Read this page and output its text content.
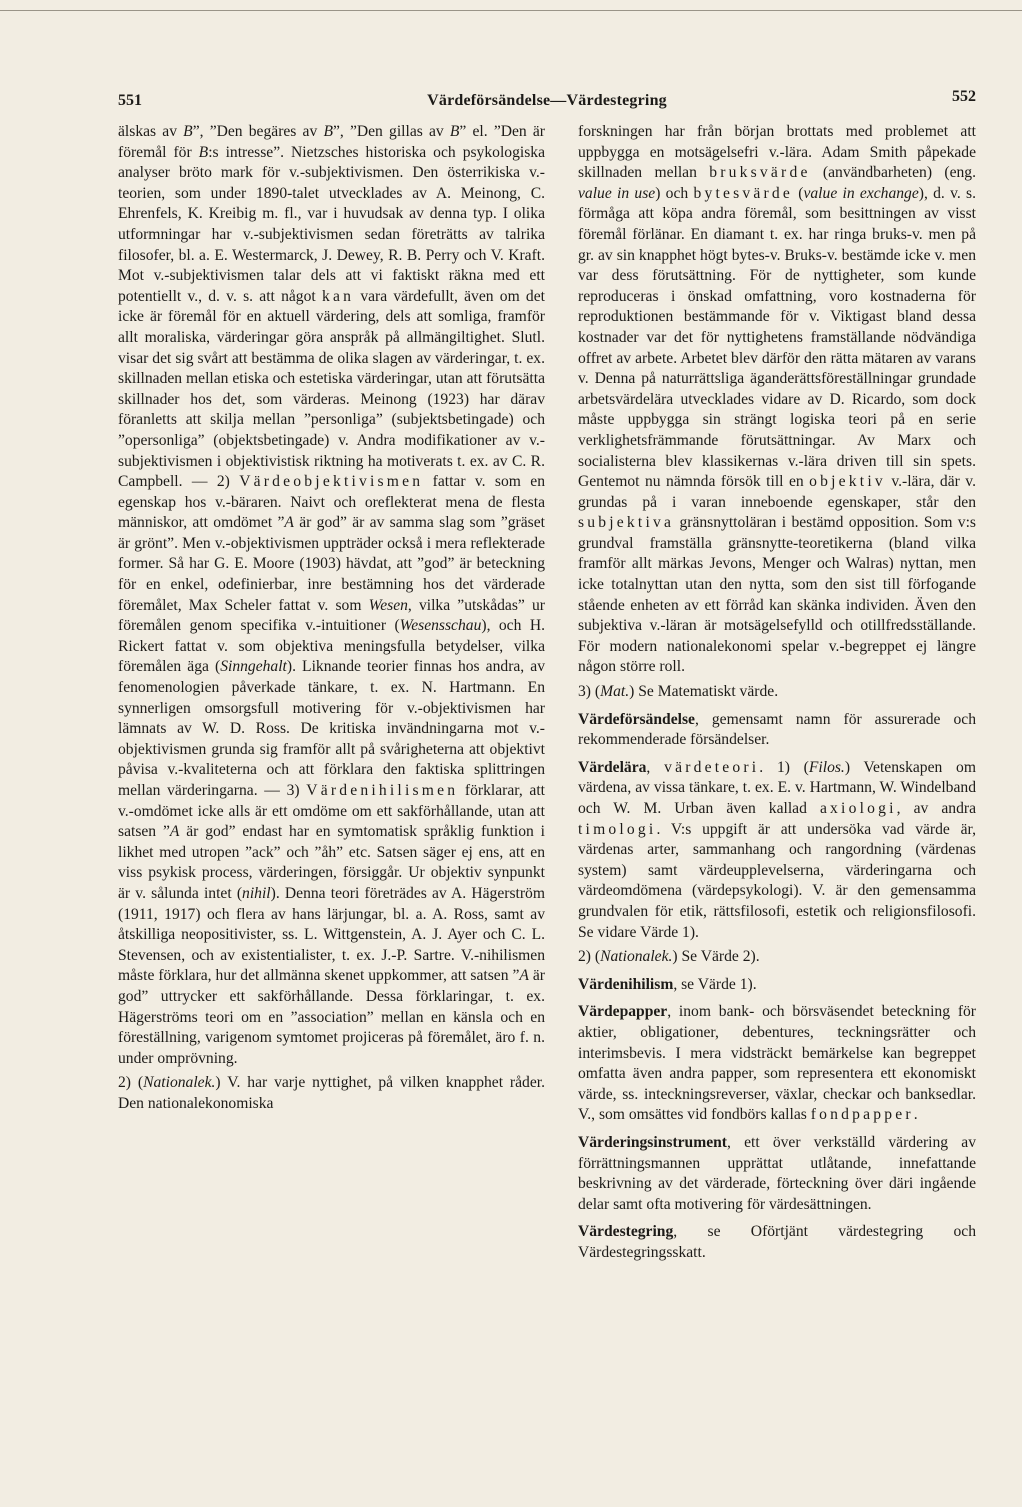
551	Värdeförsändelse—Värdestegring	552

älskas av B”, ”Den begäres av B”, ”Den gillas av B” el. ”Den är föremål för B:s intresse”. Nietzsches historiska och psykologiska analyser bröto mark för v.-subjektivismen. Den österrikiska v.-teorien, som under 1890-talet utvecklades av A. Meinong, C. Ehrenfels, K. Kreibig m. fl., var i huvudsak av denna typ. I olika utformningar har v.-subjektivismen sedan företrätts av talrika filosofer, bl. a. E. Westermarck, J. Dewey, R. B. Perry och V. Kraft. Mot v.-subjektivismen talar dels att vi faktiskt räkna med ett potentiellt v., d. v. s. att något kan vara värdefullt, även om det icke är föremål för en aktuell värdering, dels att somliga, framför allt moraliska, värderingar göra anspråk på allmängiltighet. Slutl. visar det sig svårt att bestämma de olika slagen av värderingar, t. ex. skillnaden mellan etiska och estetiska värderingar, utan att förutsätta skillnader hos det, som värderas. Meinong (1923) har därav föranletts att skilja mellan ”personliga” (subjektsbetingade) och ”opersonliga” (objektsbetingade) v. Andra modifikationer av v.-subjektivismen i objektivistisk riktning ha motiverats t. ex. av C. R. Campbell. — 2) Värdeobjektivismen fattar v. som en egenskap hos v.-bäraren. Naivt och oreflekterat mena de flesta människor, att omdömet ”A är god” är av samma slag som ”gräset är grönt”. Men v.-objektivismen uppträder också i mera reflekterade former. Så har G. E. Moore (1903) hävdat, att ”god” är beteckning för en enkel, odefinierbar, inre bestämning hos det värderade föremålet, Max Scheler fattat v. som Wesen, vilka ”utskådas” ur föremålen genom specifika v.-intuitioner (Wesensschau), och H. Rickert fattat v. som objektiva meningsfulla betydelser, vilka föremålen äga (Sinngehalt). Liknande teorier finnas hos andra, av fenomenologien påverkade tänkare, t. ex. N. Hartmann. En synnerligen omsorgsfull motivering för v.-objektivismen har lämnats av W. D. Ross. De kritiska invändningarna mot v.-objektivismen grunda sig framför allt på svårigheterna att objektivt påvisa v.-kvaliteterna och att förklara den faktiska splittringen mellan värderingarna. — 3) Värdenihilismen förklarar, att v.-omdömet icke alls är ett omdöme om ett sakförhållande, utan att satsen ”A är god” endast har en symtomatisk språklig funktion i likhet med utropen ”ack” och ”åh” etc. Satsen säger ej ens, att en viss psykisk process, värderingen, försiggår. Ur objektiv synpunkt är v. sålunda intet (nihil). Denna teori företrädes av A. Hägerström (1911, 1917) och flera av hans lärjungar, bl. a. A. Ross, samt av åtskilliga neopositivister, ss. L. Wittgenstein, A. J. Ayer och C. L. Stevensen, och av existentialister, t. ex. J.-P. Sartre. V.-nihilismen måste förklara, hur det allmänna skenet uppkommer, att satsen ”A är god” uttrycker ett sakförhållande. Dessa förklaringar, t. ex. Hägerströms teori om en ”association” mellan en känsla och en föreställning, varigenom symtomet projiceras på föremålet, äro f. n. under omprövning.

2) (Nationalek.) V. har varje nyttighet, på vilken knapphet råder. Den nationalekonomiska

forskningen har från början brottats med problemet att uppbygga en motsägelsefri v.-lära. Adam Smith påpekade skillnaden mellan bruksvärde (användbarheten) (eng. value in use) och bytesvärde (value in exchange), d. v. s. förmåga att köpa andra föremål, som besittningen av visst föremål förlänar. En diamant t. ex. har ringa bruks-v. men på gr. av sin knapphet högt bytes-v. Bruks-v. bestämde icke v. men var dess förutsättning. För de nyttigheter, som kunde reproduceras i önskad omfattning, voro kostnaderna för reproduktionen bestämmande för v. Viktigast bland dessa kostnader var det för nyttighetens framställande nödvändiga offret av arbete. Arbetet blev därför den rätta mätaren av varans v. Denna på naturrättsliga äganderättsföreställningar grundade arbetsvärdelära utvecklades vidare av D. Ricardo, som dock måste uppbygga sin strängt logiska teori på en serie verklighetsfrämmande förutsättningar. Av Marx och socialisterna blev klassikernas v.-lära driven till sin spets. Gentemot nu nämnda försök till en objektiv v.-lära, där v. grundas på i varan inneboende egenskaper, står den subjektiva gränsnyttoläran i bestämd opposition. Som v:s grundval framställa gränsnytte-teoretikerna (bland vilka framför allt märkas Jevons, Menger och Walras) nyttan, men icke totalnyttan utan den nytta, som den sist till förfogande stående enheten av ett förråd kan skänka individen. Även den subjektiva v.-läran är motsägelsefylld och otillfredsställande. För modern nationalekonomi spelar v.-begreppet ej längre någon större roll.

3) (Mat.) Se Matematiskt värde.

Värdeförsändelse, gemensamt namn för assurerade och rekommenderade försändelser.

Värdelära, värdeteori. 1) (Filos.) Vetenskapen om värdena, av vissa tänkare, t. ex. E. v. Hartmann, W. Windelband och W. M. Urban även kallad axiologi, av andra timologi. V:s uppgift är att undersöka vad värde är, värdenas arter, sammanhang och rangordning (värdenas system) samt värdeupplevelserna, värderingarna och värdeomdömena (värdepsykologi). V. är den gemensamma grundvalen för etik, rättsfilosofi, estetik och religionsfilosofi. Se vidare Värde 1).

2) (Nationalek.) Se Värde 2).

Värdenihilism, se Värde 1).

Värdepapper, inom bank- och börsväsendet beteckning för aktier, obligationer, debentures, teckningsrätter och interimsbevis. I mera vidsträckt bemärkelse kan begreppet omfatta även andra papper, som representera ett ekonomiskt värde, ss. inteckningsreverser, växlar, checkar och banksedlar. V., som omsättes vid fondbörs kallas fondpapper.

Värderingsinstrument, ett över verkställd värdering av förrättningsmannen upprättat utlåtande, innefattande beskrivning av det värderade, förteckning över däri ingående delar samt ofta motivering för värdesättningen.

Värdestegring, se Oförtjänt värdestegring och Värdestegringsskatt.
